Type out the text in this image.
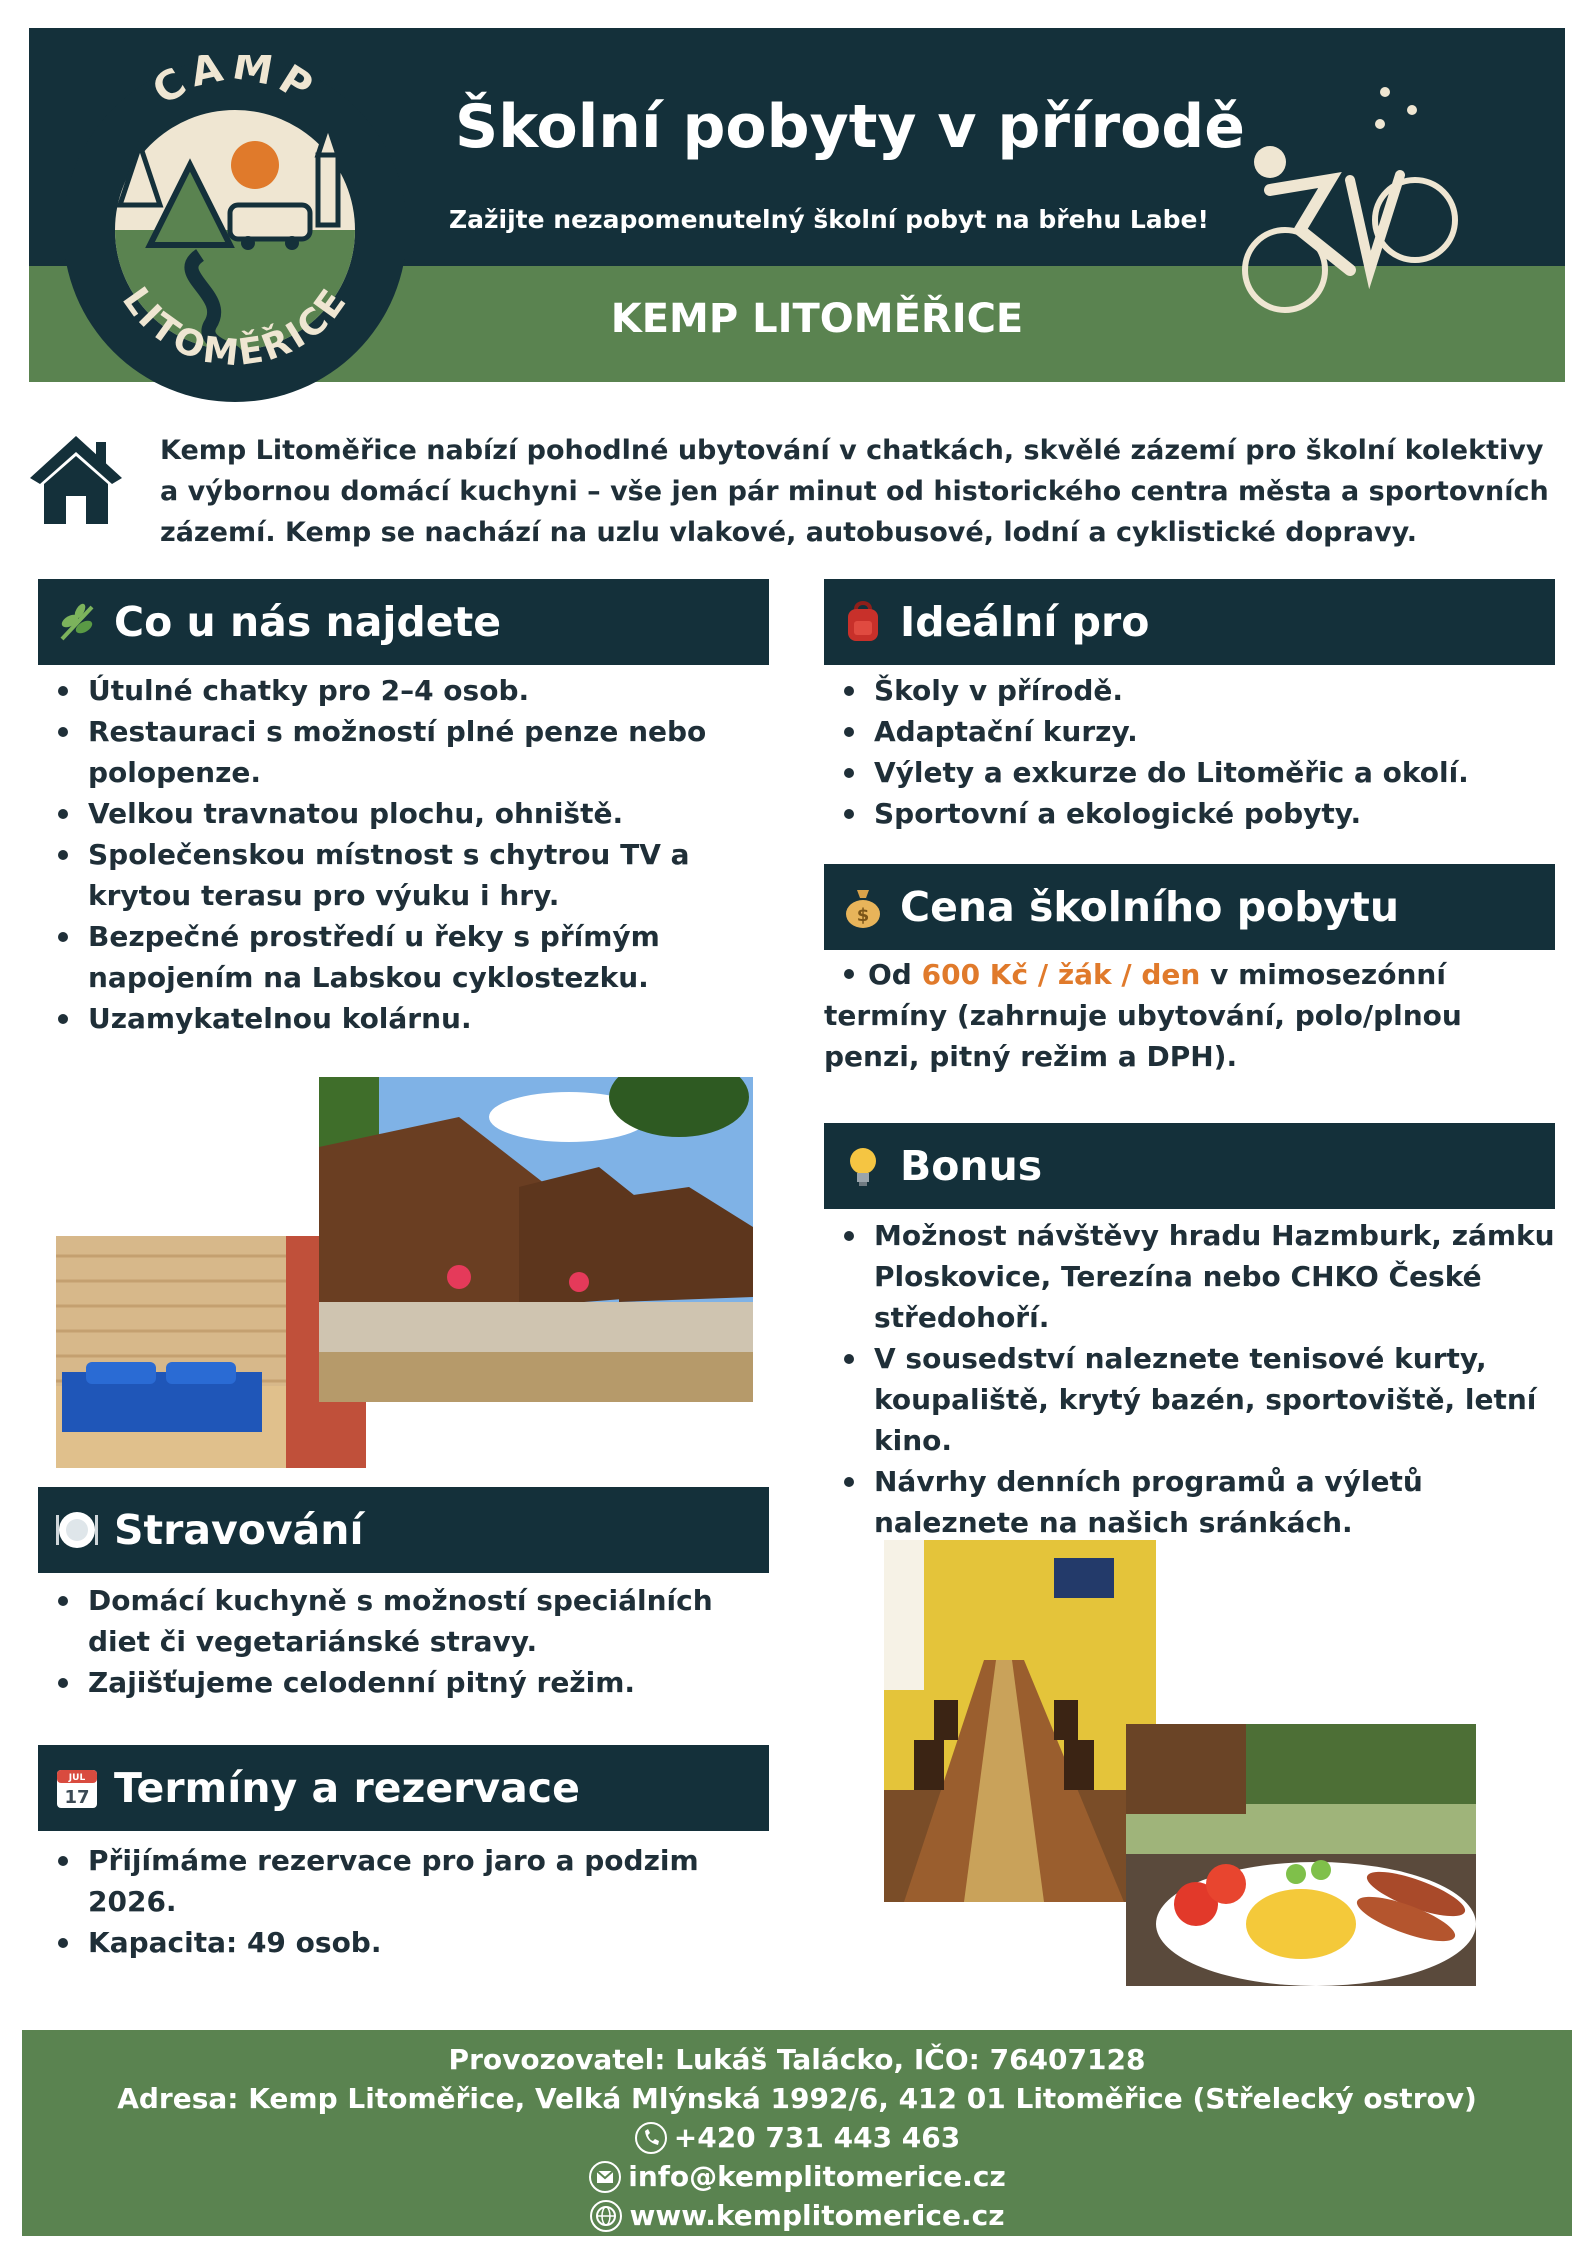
Školní pobyty v přírodě
Zažijte nezapomenutelný školní pobyt na břehu Labe!
KEMP LITOMĚŘICE
CAMP
LITOMĚŘICE

Kemp Litoměřice nabízí pohodlné ubytování v chatkách, skvělé zázemí pro školní kolektivy a výbornou domácí kuchyni – vše jen pár minut od historického centra města a sportovních zázemí. Kemp se nachází na uzlu vlakové, autobusové, lodní a cyklistické dopravy.

Co u nás najdete
Útulné chatky pro 2–4 osob.
Restauraci s možností plné penze nebo polopenze.
Velkou travnatou plochu, ohniště.
Společenskou místnost s chytrou TV a krytou terasu pro výuku i hry.
Bezpečné prostředí u řeky s přímým napojením na Labskou cyklostezku.
Uzamykatelnou kolárnu.
Stravování
Domácí kuchyně s možností speciálních diet či vegetariánské stravy.
Zajišťujeme celodenní pitný režim.
JUL
17 Termíny a rezervace
Přijímáme rezervace pro jaro a podzim 2026.
Kapacita: 49 osob.
Ideální pro
Školy v přírodě.
Adaptační kurzy.
Výlety a exkurze do Litoměřic a okolí.
Sportovní a ekologické pobyty.
$ Cena školního pobytu

Od 600 Kč / žák / den v mimosezónní termíny (zahrnuje ubytování, polo/plnou penzi, pitný režim a DPH).

Bonus
Možnost návštěvy hradu Hazmburk, zámku Ploskovice, Terezína nebo CHKO České středohoří.
V sousedství naleznete tenisové kurty, koupaliště, krytý bazén, sportoviště, letní kino.
Návrhy denních programů a výletů naleznete na našich sránkách.
Provozovatel: Lukáš Talácko, IČO: 76407128
Adresa: Kemp Litoměřice, Velká Mlýnská 1992/6, 412 01 Litoměřice (Střelecký ostrov)
+420 731 443 463
info@kemplitomerice.cz
www.kemplitomerice.cz
